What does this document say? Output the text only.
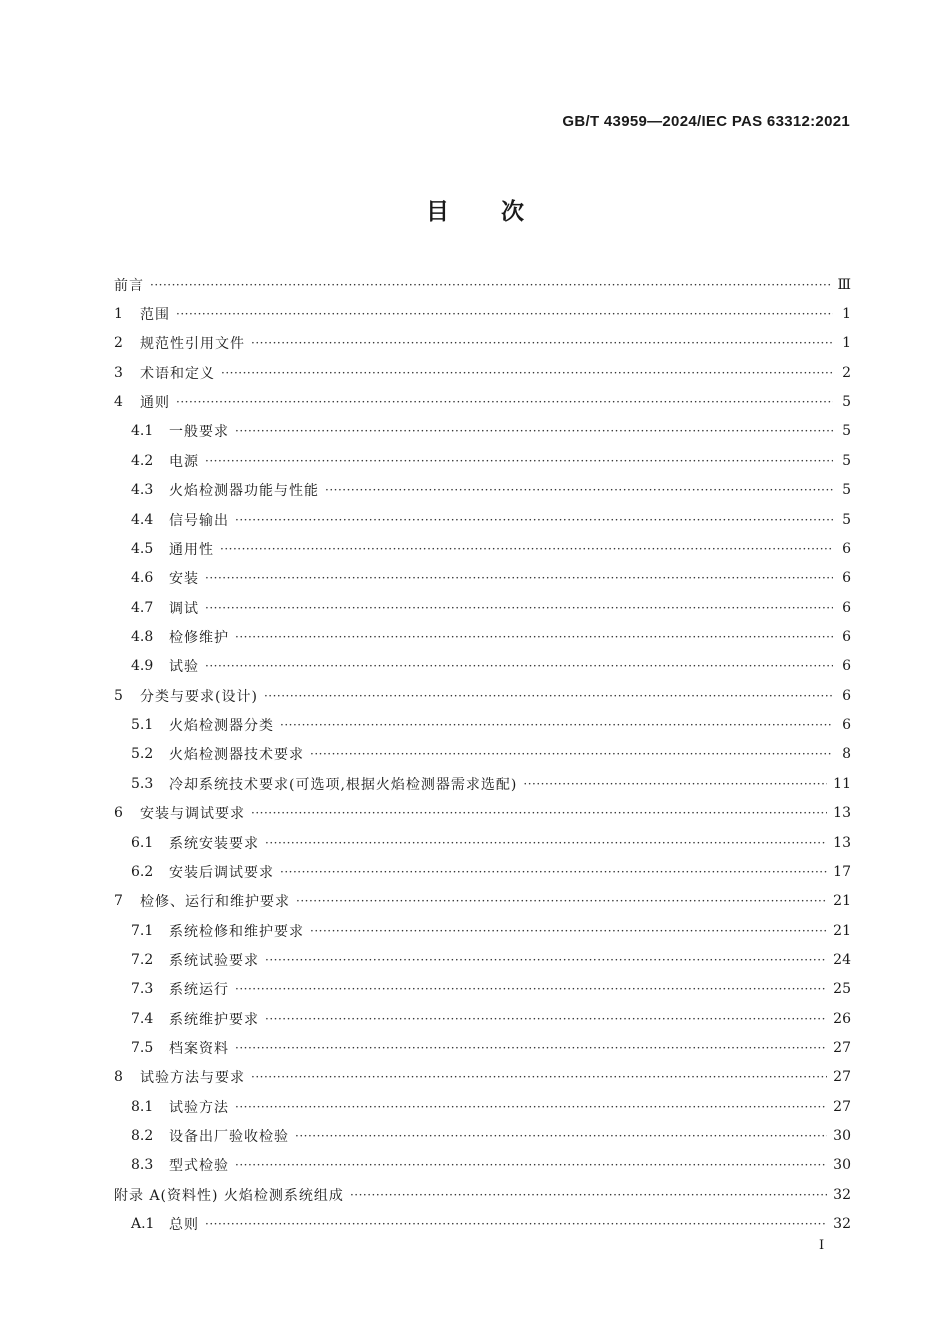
GB/T 43959—2024/IEC PAS 63312:2021
目 次
前言 ·····	Ⅲ
1	范围 ·····	1
2	规范性引用文件 ·····	1
3	术语和定义 ·····	2
4	通则 ·····	5
4.1	一般要求 ·····	5
4.2	电源 ·····	5
4.3	火焰检测器功能与性能 ·····	5
4.4	信号输出 ·····	5
4.5	通用性 ·····	6
4.6	安装 ·····	6
4.7	调试 ·····	6
4.8	检修维护 ·····	6
4.9	试验 ·····	6
5	分类与要求(设计) ·····	6
5.1	火焰检测器分类 ·····	6
5.2	火焰检测器技术要求 ·····	8
5.3	冷却系统技术要求(可选项,根据火焰检测器需求选配) ·····	11
6	安装与调试要求 ·····	13
6.1	系统安装要求 ·····	13
6.2	安装后调试要求 ·····	17
7	检修、运行和维护要求 ·····	21
7.1	系统检修和维护要求 ·····	21
7.2	系统试验要求 ·····	24
7.3	系统运行 ·····	25
7.4	系统维护要求 ·····	26
7.5	档案资料 ·····	27
8	试验方法与要求 ·····	27
8.1	试验方法 ·····	27
8.2	设备出厂验收检验 ·····	30
8.3	型式检验 ·····	30
附录 A(资料性) 火焰检测系统组成 ·····	32
A.1	总则 ·····	32
I
